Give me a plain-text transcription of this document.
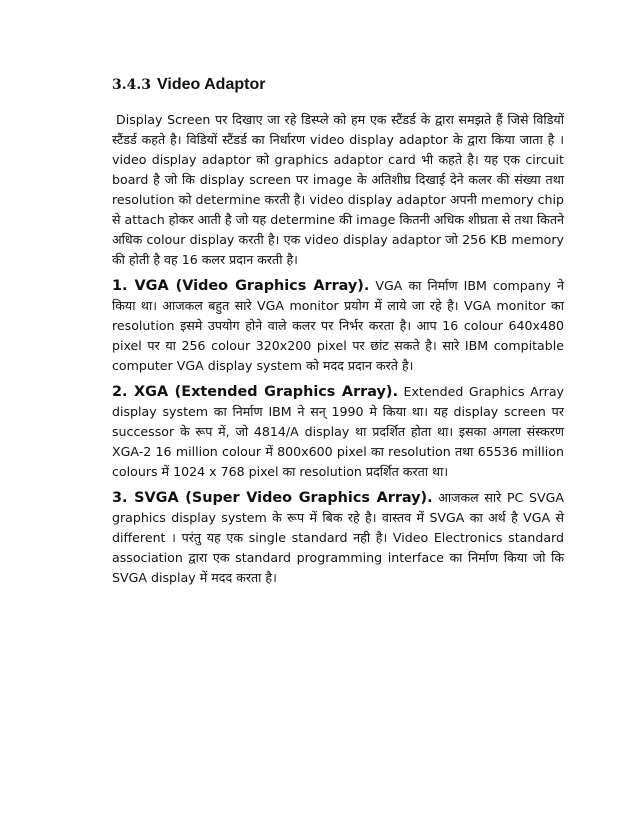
3.4.3 Video Adaptor

Display Screen पर दिखाए जा रहे डिस्प्ले को हम एक स्टैंडर्ड के द्वारा समझते हैं जिसे विडियों स्टैंडर्ड कहते है। विडियों स्टैंडर्ड का निर्धारण video display adaptor के द्वारा किया जाता है । video display adaptor को graphics adaptor card भी कहते है। यह एक circuit board है जो कि display screen पर image के अतिशीघ्र दिखाई देने कलर की संख्या तथा resolution को determine करती है। video display adaptor अपनी memory chip से attach होकर आती है जो यह determine की image कितनी अधिक शीघ्रता से तथा कितने अधिक colour display करती है। एक video display adaptor जो 256 KB memory की होती है वह 16 कलर प्रदान करती है।

1. VGA (Video Graphics Array). VGA का निर्माण IBM company ने किया था। आजकल बहुत सारे VGA monitor प्रयोग में लाये जा रहे है। VGA monitor का resolution इसमे उपयोग होने वाले कलर पर निर्भर करता है। आप 16 colour 640x480 pixel पर या 256 colour 320x200 pixel पर छांट सकते है। सारे IBM compitable computer VGA display system को मदद प्रदान करते है।

2. XGA (Extended Graphics Array). Extended Graphics Array display system का निर्माण IBM ने सन् 1990 मे किया था। यह display screen पर successor के रूप में, जो 4814/A display था प्रदर्शित होता था। इसका अगला संस्करण XGA-2 16 million colour में 800x600 pixel का resolution तथा 65536 million colours में 1024 x 768 pixel का resolution प्रदर्शित करता था।

3. SVGA (Super Video Graphics Array). आजकल सारे PC SVGA graphics display system के रूप में बिक रहे है। वास्तव में SVGA का अर्थ है VGA से different । परंतु यह एक single standard नही है। Video Electronics standard association द्वारा एक standard programming interface का निर्माण किया जो कि SVGA display में मदद करता है।
